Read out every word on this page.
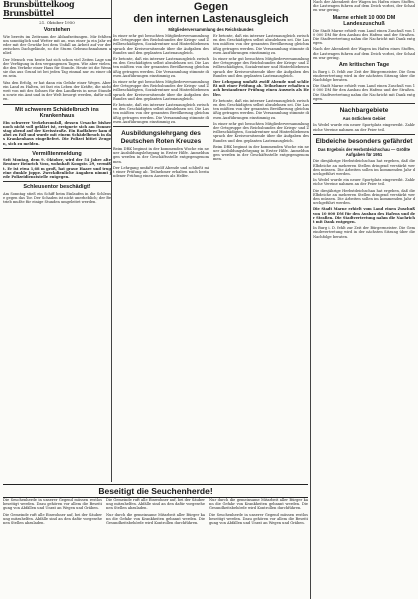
Brunsbüttelkoog
Brunsbüttel
21. Oktober 1950
Vorstehen
Wie bereits im Zeitraum der Ablaufzeitungen. Mir fehlten um sonntäglich und Wetter mit an, was einer ja ein Jahr wieder mit der Gewähr bei dem Unfall an Arbeit auf vor der zwischen Dachgelände, so die Sturm Gebrauchsnahmen anlief.
Der Mensch von heute hat sich schon viel Zeiten Lage um der Verfügung in den vergangenen Tagen. Wie aber vielen, die den Verkehr einer Haus für Stunde. Heute ist die Wenn sie das aus Grund ist bei jeden Tag einmal nur zu einer oben sein.
Was den Erfolg, er hat dann ein Gefahr einer Weges. Aber ein Land zu Halten, ist fast ein Leben der Kräfte, die nicht weit von mit des Sohnes für den Landkreis in neue Stunden sowie ein Amt und in der Welt besorgt werden, dafür sollen.
Mit schwerem Schädelbruch ins Krankenhaus
Ein schwerer Verkehrsunfall, dessen Ursache bisher noch nicht voll geklärt ist, ereignete sich am Donnerstag abend auf der Kreisstraße. Ein Radfahrer kam dabei zu Fall und wurde mit einem Schädelbruch in das Krankenhaus eingeliefert. Die Polizei bittet Zeugen, sich zu melden.
Vermißtenmeldung
Seit Montag, dem 9. Oktober, wird der 54 Jahre alte Rentner Heinrich Voss, wohnhaft Koogstr. 29, vermißt. Er ist etwa 1,68 m groß, hat graue Haare und trug eine dunkle Joppe. Zweckdienliche Angaben nimmt jede Polizeidienststelle entgegen.
Schleusentor beschädigt!
Am Sonntag stieß ein Schiff beim Einlaufen in die Schleuse gegen das Tor. Der Schaden ist nicht unerheblich; der Betrieb mußte für einige Stunden umgeleitet werden.
Gegen
den internen Lastenausgleich
Mitgliederversammlung des Reichsbundes
In einer sehr gut besuchten Mitgliederversammlung der Ortsgruppe des Reichsbundes der Kriegs- und Zivilbeschädigten, Sozialrentner und Hinterbliebenen sprach der Kreisvorsitzende über die Aufgaben des Bundes und den geplanten Lastenausgleich.
Er betonte, daß ein interner Lastenausgleich zwischen den Geschädigten selbst abzulehnen sei. Die Lasten müßten von der gesamten Bevölkerung gleichmäßig getragen werden. Die Versammlung stimmte diesen Ausführungen einstimmig zu.
In einer sehr gut besuchten Mitgliederversammlung der Ortsgruppe des Reichsbundes der Kriegs- und Zivilbeschädigten, Sozialrentner und Hinterbliebenen sprach der Kreisvorsitzende über die Aufgaben des Bundes und den geplanten Lastenausgleich.
Er betonte, daß ein interner Lastenausgleich zwischen den Geschädigten selbst abzulehnen sei. Die Lasten müßten von der gesamten Bevölkerung gleichmäßig getragen werden. Die Versammlung stimmte diesen Ausführungen einstimmig zu.
Ausbildungslehrgang des Deutschen Roten Kreuzes
Beim DRK beginnt in der kommenden Woche ein neuer Ausbildungslehrgang in Erster Hilfe. Anmeldungen werden in der Geschäftsstelle entgegengenommen.
Der Lehrgang umfaßt zwölf Abende und schließt mit einer Prüfung ab. Teilnehmer erhalten nach bestandener Prüfung einen Ausweis als Helfer.
Er betonte, daß ein interner Lastenausgleich zwischen den Geschädigten selbst abzulehnen sei. Die Lasten müßten von der gesamten Bevölkerung gleichmäßig getragen werden. Die Versammlung stimmte diesen Ausführungen einstimmig zu.
In einer sehr gut besuchten Mitgliederversammlung der Ortsgruppe des Reichsbundes der Kriegs- und Zivilbeschädigten, Sozialrentner und Hinterbliebenen sprach der Kreisvorsitzende über die Aufgaben des Bundes und den geplanten Lastenausgleich.
Der Lehrgang umfaßt zwölf Abende und schließt mit einer Prüfung ab. Teilnehmer erhalten nach bestandener Prüfung einen Ausweis als Helfer.
Er betonte, daß ein interner Lastenausgleich zwischen den Geschädigten selbst abzulehnen sei. Die Lasten müßten von der gesamten Bevölkerung gleichmäßig getragen werden. Die Versammlung stimmte diesen Ausführungen einstimmig zu.
In einer sehr gut besuchten Mitgliederversammlung der Ortsgruppe des Reichsbundes der Kriegs- und Zivilbeschädigten, Sozialrentner und Hinterbliebenen sprach der Kreisvorsitzende über die Aufgaben des Bundes und den geplanten Lastenausgleich.
Beim DRK beginnt in der kommenden Woche ein neuer Ausbildungslehrgang in Erster Hilfe. Anmeldungen werden in der Geschäftsstelle entgegengenommen.
Nach der Abendzeit der Wagen im Hafen eines Stoffes, die Lastwagen fuhren auf dem Deich vorbei, der Schaden war gering.
Marne erhielt 10 000 DM Landeszuschuß
Die Stadt Marne erhielt vom Land einen Zuschuß von 10 000 DM für den Ausbau des Hafens und der Straßen. Die Stadtvertretung nahm die Nachricht mit Dank entgegen.
Nach der Abendzeit der Wagen im Hafen eines Stoffes, die Lastwagen fuhren auf dem Deich vorbei, der Schaden war gering.
Am kritischen Tage
In Burg i. D. fehlt zur Zeit der Bürgermeister. Die Gemeindevertretung wird in der nächsten Sitzung über die Nachfolge beraten.
Die Stadt Marne erhielt vom Land einen Zuschuß von 10 000 DM für den Ausbau des Hafens und der Straßen. Die Stadtvertretung nahm die Nachricht mit Dank entgegen.
Nachbargebiete
Aus östlichem Gebiet
In Wedel wurde ein neuer Sportplatz eingeweiht. Zahlreiche Vereine nahmen an der Feier teil.
Elbdeiche besonders gefährdet
Das Ergebnis der Herbstdeichschau — Größte Aufgaben für 1951
Die diesjährige Herbstdeichschau hat ergeben, daß die Elbdeiche an mehreren Stellen dringend verstärkt werden müssen. Die Arbeiten sollen im kommenden Jahr durchgeführt werden.
In Wedel wurde ein neuer Sportplatz eingeweiht. Zahlreiche Vereine nahmen an der Feier teil.
Die diesjährige Herbstdeichschau hat ergeben, daß die Elbdeiche an mehreren Stellen dringend verstärkt werden müssen. Die Arbeiten sollen im kommenden Jahr durchgeführt werden.
Die Stadt Marne erhielt vom Land einen Zuschuß von 10 000 DM für den Ausbau des Hafens und der Straßen. Die Stadtvertretung nahm die Nachricht mit Dank entgegen.
In Burg i. D. fehlt zur Zeit der Bürgermeister. Die Gemeindevertretung wird in der nächsten Sitzung über die Nachfolge beraten.
Beseitigt die Seuchenherde!
Die Seuchenherde in unserer Gegend müssen restlos beseitigt werden. Dazu gehören vor allem die Beseitigung von Abfällen und Unrat an Wegen und Gräben.
Die Gemeinde ruft alle Einwohner auf, bei der Säuberung mitzuhelfen. Abfälle sind an den dafür vorgesehenen Stellen abzuladen.
Die Gemeinde ruft alle Einwohner auf, bei der Säuberung mitzuhelfen. Abfälle sind an den dafür vorgesehenen Stellen abzuladen.
Nur durch die gemeinsame Mitarbeit aller Bürger kann die Gefahr von Krankheiten gebannt werden. Die Gesundheitsbehörde wird Kontrollen durchführen.
Nur durch die gemeinsame Mitarbeit aller Bürger kann die Gefahr von Krankheiten gebannt werden. Die Gesundheitsbehörde wird Kontrollen durchführen.
Die Seuchenherde in unserer Gegend müssen restlos beseitigt werden. Dazu gehören vor allem die Beseitigung von Abfällen und Unrat an Wegen und Gräben.
